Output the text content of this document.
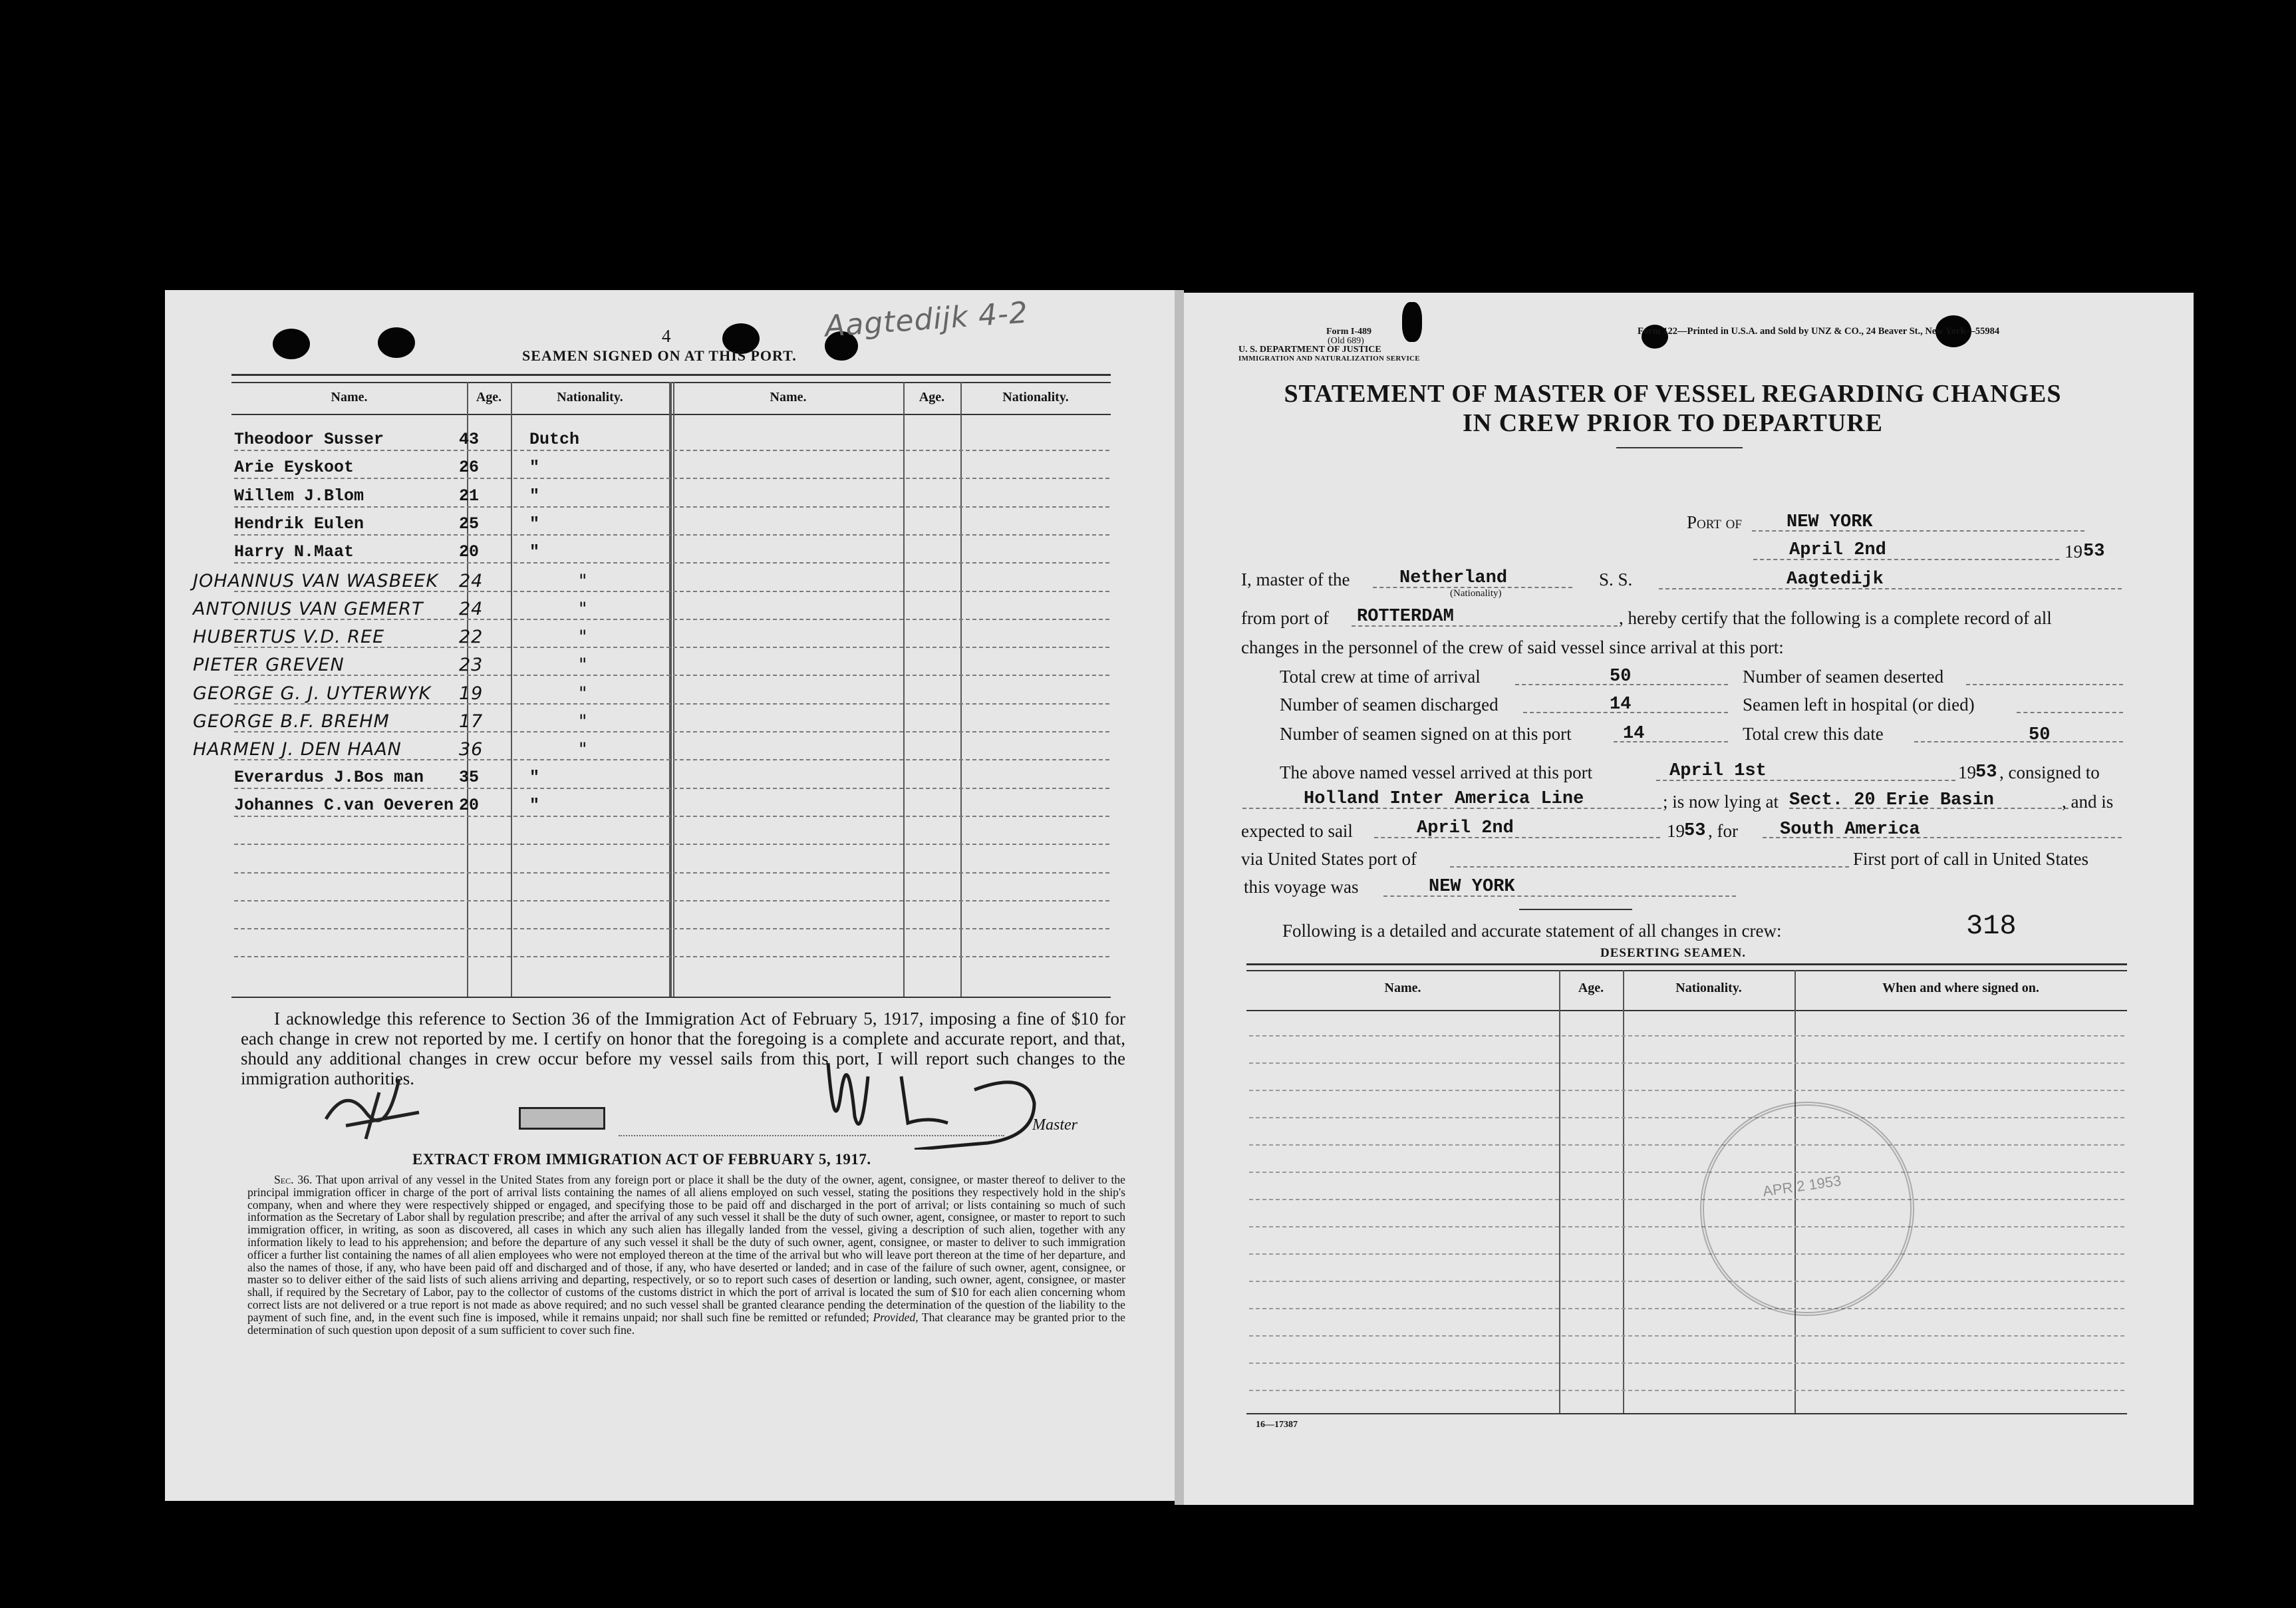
4	Aagtedijk 4-2
SEAMEN SIGNED ON AT THIS PORT.
Name.	Age.	Nationality.	Name.	Age.	Nationality.
Theodoor Susser	43	Dutch
Arie Eyskoot	26	"
Willem J.Blom	21	"
Hendrik Eulen	25	"
Harry N.Maat	20	"
JOHANNUS VAN WASBEEK	24	"
ANTONIUS VAN GEMERT	24	"
HUBERTUS V.D. REE	22	"
PIETER GREVEN	23	"
GEORGE G. J. UYTERWYK	19	"
GEORGE B.F. BREHM	17	"
HARMEN J. DEN HAAN	36	"
Everardus J.Bos man 35	"
Johannes C.van Oeveren 20	"
I acknowledge this reference to Section 36 of the Immigration Act of February 5, 1917, imposing a fine of $10 for each change in crew not reported by me. I certify on honor that the foregoing is a complete and accurate report, and that, should any additional changes in crew occur before my vessel sails from this port, I will report such changes to the immigration authorities.
Master
EXTRACT FROM IMMIGRATION ACT OF FEBRUARY 5, 1917.
Sec. 36. That upon arrival of any vessel in the United States from any foreign port or place it shall be the duty of the owner, agent, consignee, or master thereof to deliver to the principal immigration officer in charge of the port of arrival lists containing the names of all aliens employed on such vessel, stating the positions they respectively hold in the ship's company, when and where they were respectively shipped or engaged, and specifying those to be paid off and discharged in the port of arrival; or lists containing so much of such information as the Secretary of Labor shall by regulation prescribe; and after the arrival of any such vessel it shall be the duty of such owner, agent, consignee, or master to report to such immigration officer, in writing, as soon as discovered, all cases in which any such alien has illegally landed from the vessel, giving a description of such alien, together with any information likely to lead to his apprehension; and before the departure of any such vessel it shall be the duty of such owner, agent, consignee, or master to deliver to such immigration officer a further list containing the names of all alien employees who were not employed thereon at the time of the arrival but who will leave port thereon at the time of her departure, and also the names of those, if any, who have been paid off and discharged and of those, if any, who have deserted or landed; and in case of the failure of such owner, agent, consignee, or master so to deliver either of the said lists of such aliens arriving and departing, respectively, or so to report such cases of desertion or landing, such owner, agent, consignee, or master shall, if required by the Secretary of Labor, pay to the collector of customs of the customs district in which the port of arrival is located the sum of $10 for each alien concerning whom correct lists are not delivered or a true report is not made as above required; and no such vessel shall be granted clearance pending the determination of the question of the liability to the payment of such fine, and, in the event such fine is imposed, while it remains unpaid; nor shall such fine be remitted or refunded; Provided, That clearance may be granted prior to the determination of such question upon deposit of a sum sufficient to cover such fine.
Form I-489
(Old 689)
U. S. DEPARTMENT OF JUSTICE
IMMIGRATION AND NATURALIZATION SERVICE
Form 122—Printed in U.S.A. and Sold by UNZ & CO., 24 Beaver St., New York—55984
STATEMENT OF MASTER OF VESSEL REGARDING CHANGES
IN CREW PRIOR TO DEPARTURE
Port of NEW YORK
April 2nd	19 53
I, master of the	Netherland
(Nationality)
S. S.	Aagtedijk
from port of ROTTERDAM	, hereby certify that the following is a complete record of all
changes in the personnel of the crew of said vessel since arrival at this port:
Total crew at time of arrival	50	Number of seamen deserted
Number of seamen discharged	14	Seamen left in hospital (or died)
Number of seamen signed on at this port	14	Total crew this date	50
The above named vessel arrived at this port	April 1st	19 53 , consigned to
Holland Inter America Line	; is now lying at Sect. 20 Erie Basin	, and is
expected to sail	April 2nd	19 53 , for South America
via United States port of	First port of call in United States
this voyage was	NEW YORK
Following is a detailed and accurate statement of all changes in crew:	318
DESERTING SEAMEN.
Name.	Age.	Nationality.	When and where signed on.
APR 2 1953
16—17387
